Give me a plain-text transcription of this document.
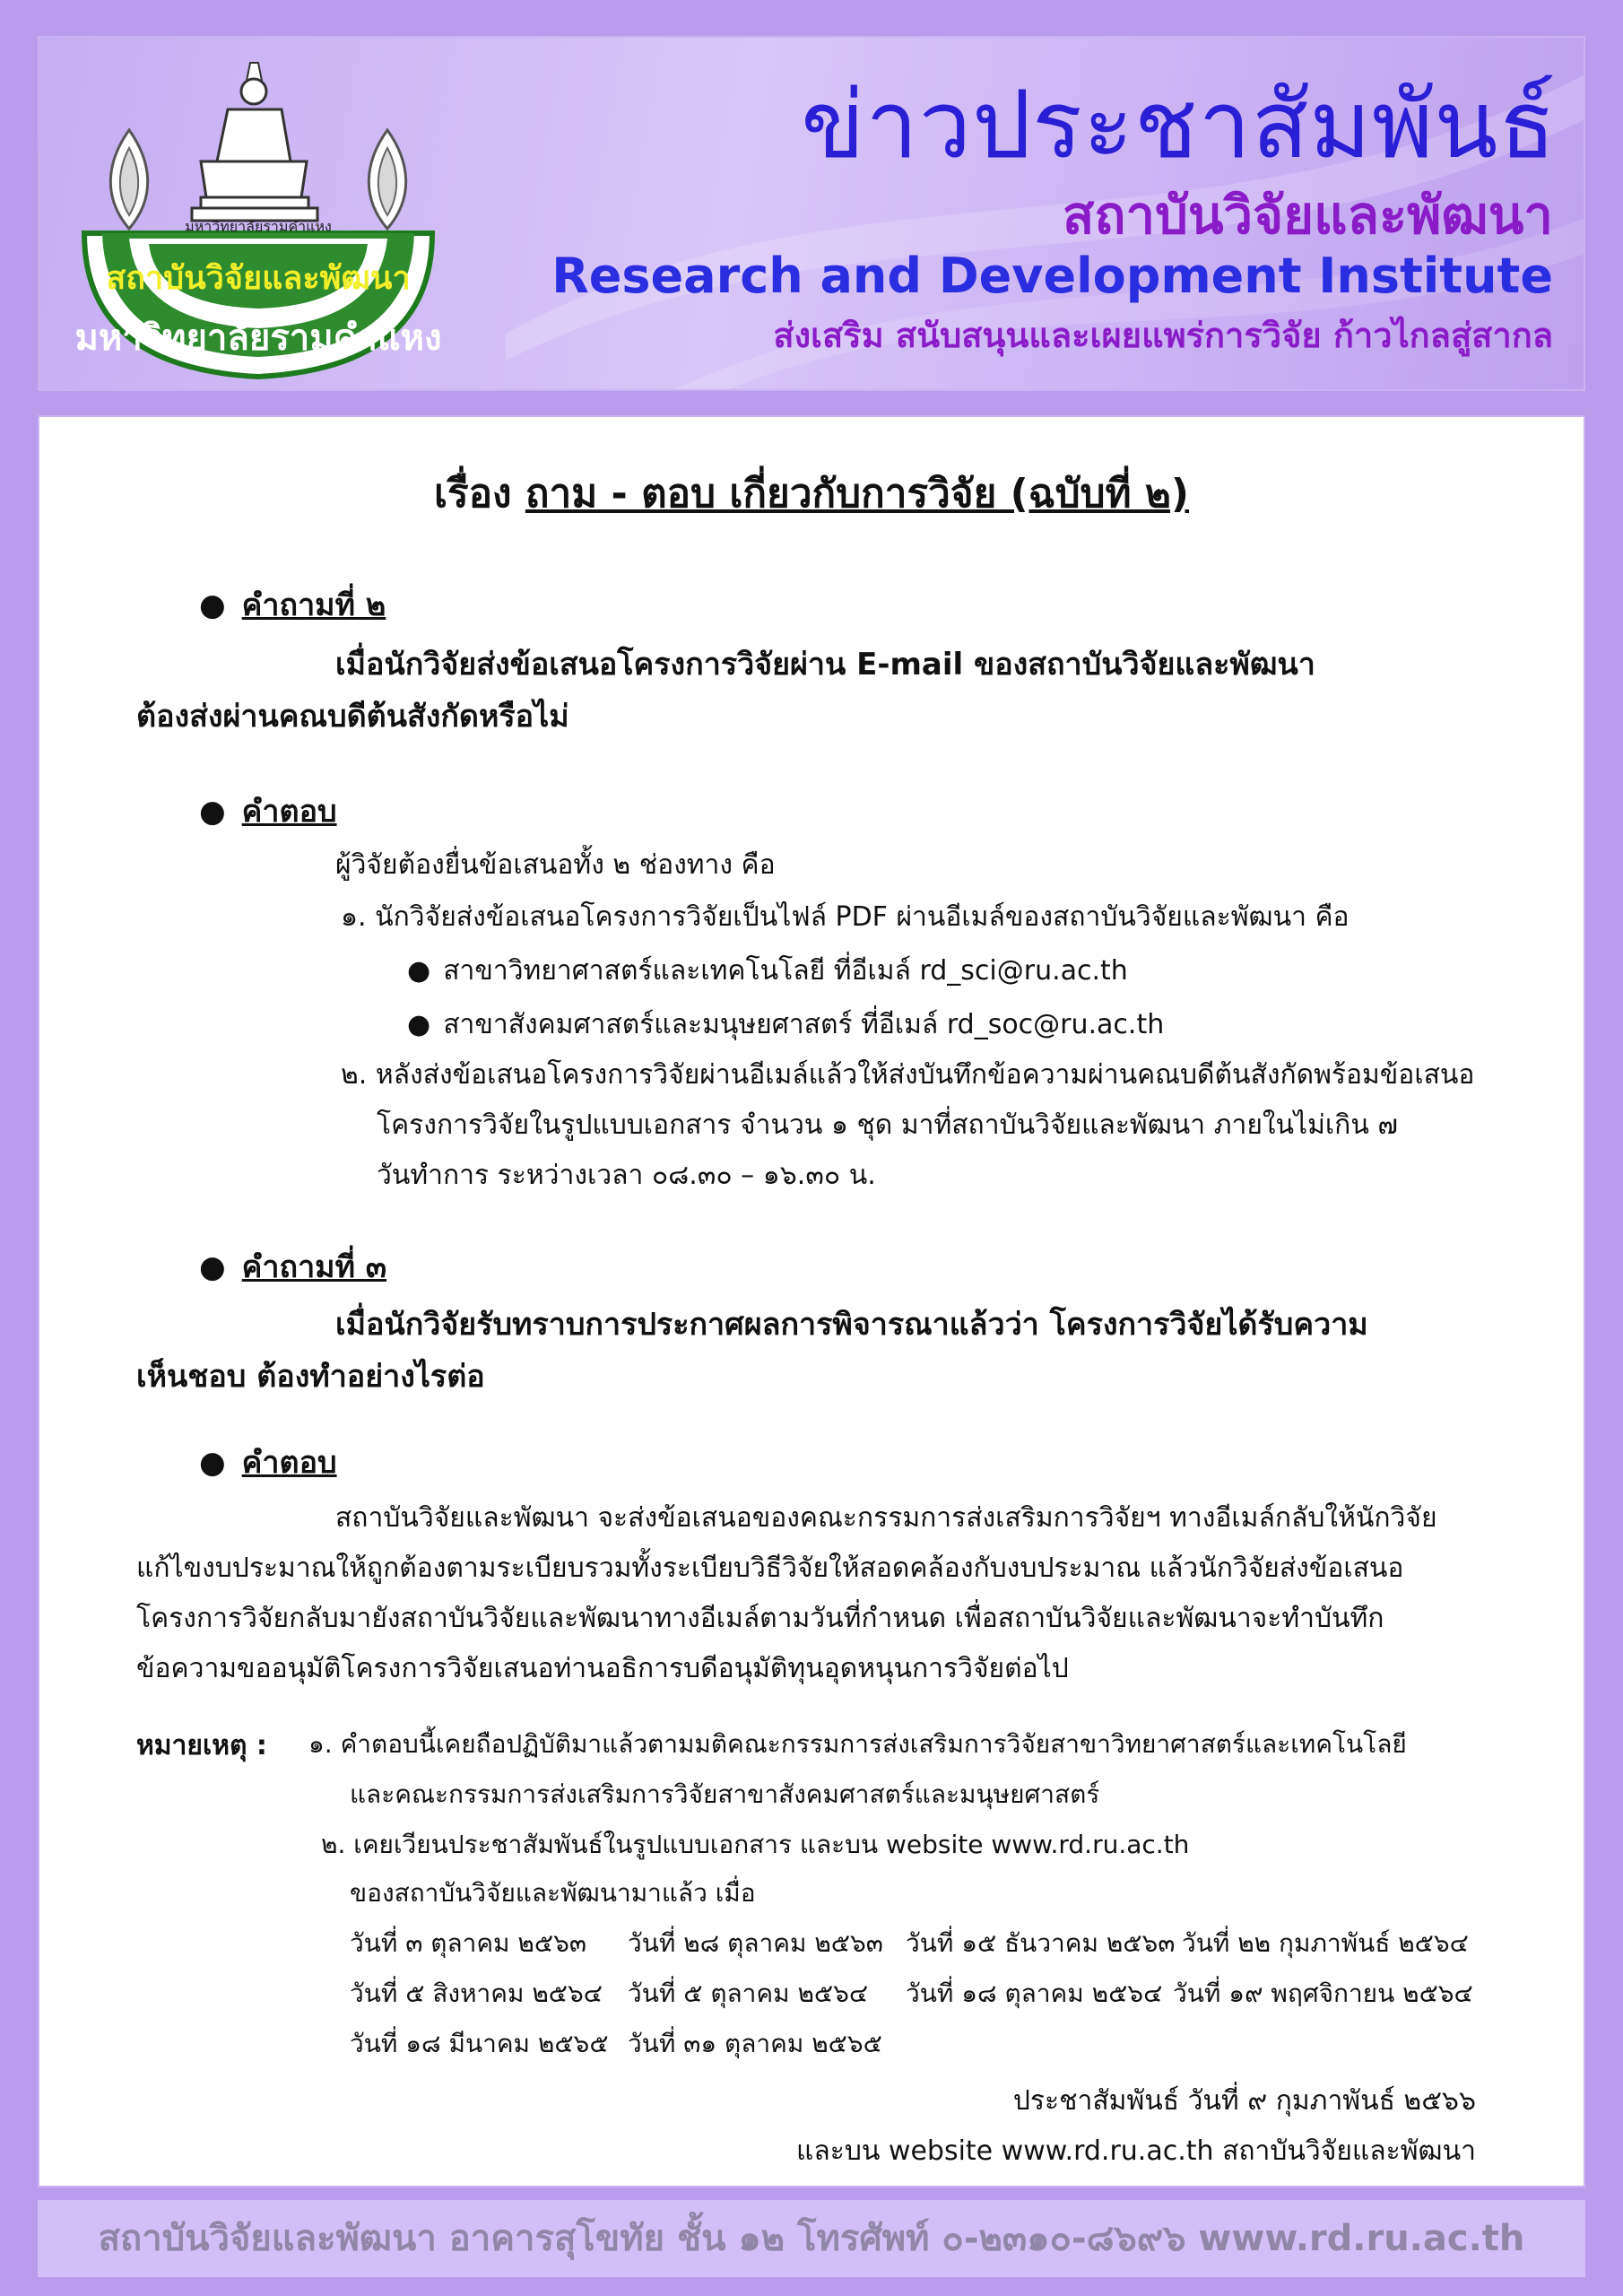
มหาวิทยาลัยรามคำแหง
สถาบันวิจัยและพัฒนา
มหาวิทยาลัยรามคำแหง
ข่าวประชาสัมพันธ์
สถาบันวิจัยและพัฒนา
Research and Development Institute
ส่งเสริม สนับสนุนและเผยแพร่การวิจัย ก้าวไกลสู่สากล
เรื่อง ถาม - ตอบ เกี่ยวกับการวิจัย (ฉบับที่ ๒)
● คำถามที่ ๒
เมื่อนักวิจัยส่งข้อเสนอโครงการวิจัยผ่าน E-mail ของสถาบันวิจัยและพัฒนา
ต้องส่งผ่านคณบดีต้นสังกัดหรือไม่
● คำตอบ
ผู้วิจัยต้องยื่นข้อเสนอทั้ง ๒ ช่องทาง คือ
๑. นักวิจัยส่งข้อเสนอโครงการวิจัยเป็นไฟล์ PDF ผ่านอีเมล์ของสถาบันวิจัยและพัฒนา คือ
● สาขาวิทยาศาสตร์และเทคโนโลยี ที่อีเมล์ rd_sci@ru.ac.th
● สาขาสังคมศาสตร์และมนุษยศาสตร์ ที่อีเมล์ rd_soc@ru.ac.th
๒. หลังส่งข้อเสนอโครงการวิจัยผ่านอีเมล์แล้วให้ส่งบันทึกข้อความผ่านคณบดีต้นสังกัดพร้อมข้อเสนอ
โครงการวิจัยในรูปแบบเอกสาร จำนวน ๑ ชุด มาที่สถาบันวิจัยและพัฒนา ภายในไม่เกิน ๗
วันทำการ ระหว่างเวลา ๐๘.๓๐ – ๑๖.๓๐ น.
● คำถามที่ ๓
เมื่อนักวิจัยรับทราบการประกาศผลการพิจารณาแล้วว่า โครงการวิจัยได้รับความ
เห็นชอบ ต้องทำอย่างไรต่อ
● คำตอบ
สถาบันวิจัยและพัฒนา จะส่งข้อเสนอของคณะกรรมการส่งเสริมการวิจัยฯ ทางอีเมล์กลับให้นักวิจัย
แก้ไขงบประมาณให้ถูกต้องตามระเบียบรวมทั้งระเบียบวิธีวิจัยให้สอดคล้องกับงบประมาณ แล้วนักวิจัยส่งข้อเสนอ
โครงการวิจัยกลับมายังสถาบันวิจัยและพัฒนาทางอีเมล์ตามวันที่กำหนด เพื่อสถาบันวิจัยและพัฒนาจะทำบันทึก
ข้อความขออนุมัติโครงการวิจัยเสนอท่านอธิการบดีอนุมัติทุนอุดหนุนการวิจัยต่อไป
หมายเหตุ : ๑. คำตอบนี้เคยถือปฏิบัติมาแล้วตามมติคณะกรรมการส่งเสริมการวิจัยสาขาวิทยาศาสตร์และเทคโนโลยี
และคณะกรรมการส่งเสริมการวิจัยสาขาสังคมศาสตร์และมนุษยศาสตร์
๒. เคยเวียนประชาสัมพันธ์ในรูปแบบเอกสาร และบน website www.rd.ru.ac.th
ของสถาบันวิจัยและพัฒนามาแล้ว เมื่อ
วันที่ ๓ ตุลาคม ๒๕๖๓ วันที่ ๒๘ ตุลาคม ๒๕๖๓ วันที่ ๑๕ ธันวาคม ๒๕๖๓ วันที่ ๒๒ กุมภาพันธ์ ๒๕๖๔
วันที่ ๕ สิงหาคม ๒๕๖๔ วันที่ ๕ ตุลาคม ๒๕๖๔ วันที่ ๑๘ ตุลาคม ๒๕๖๔ วันที่ ๑๙ พฤศจิกายน ๒๕๖๔
วันที่ ๑๘ มีนาคม ๒๕๖๕ วันที่ ๓๑ ตุลาคม ๒๕๖๕
ประชาสัมพันธ์ วันที่ ๙ กุมภาพันธ์ ๒๕๖๖
และบน website www.rd.ru.ac.th สถาบันวิจัยและพัฒนา
สถาบันวิจัยและพัฒนา อาคารสุโขทัย ชั้น ๑๒ โทรศัพท์ ๐-๒๓๑๐-๘๖๙๖ www.rd.ru.ac.th
